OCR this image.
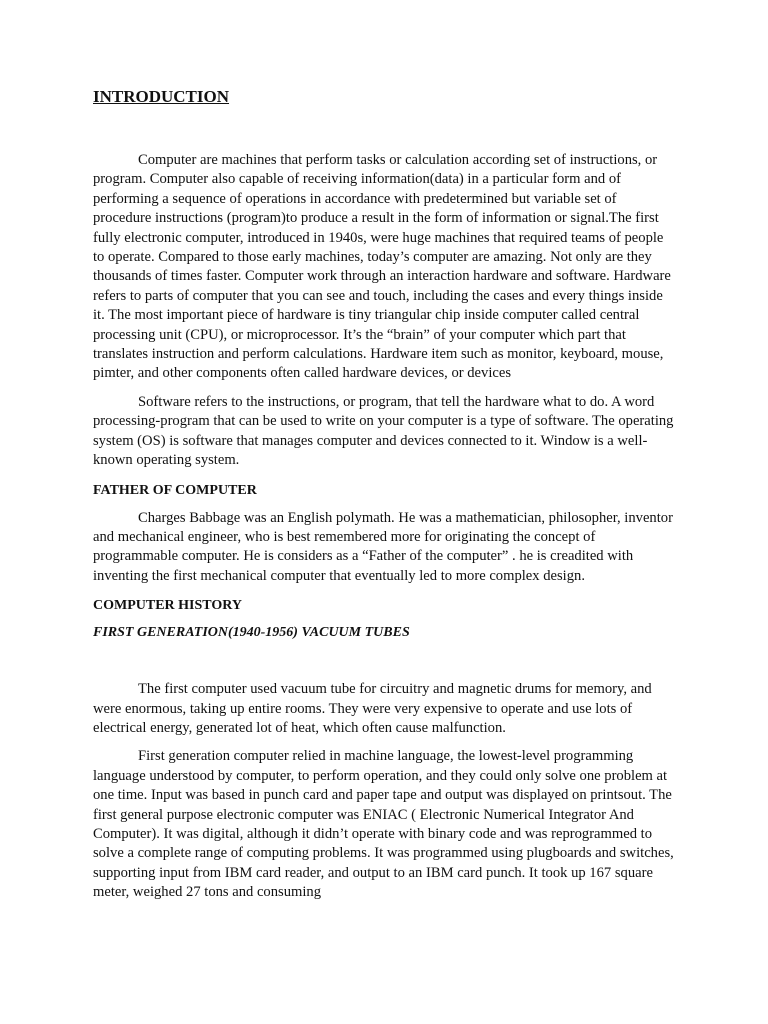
INTRODUCTION

Computer are machines that perform tasks or calculation according set of instructions, or program. Computer also capable of receiving information(data) in a particular form and of performing a sequence of operations in accordance with predetermined but variable set of procedure instructions (program)to produce a result in the form of information or signal.The first fully electronic computer, introduced in 1940s, were huge machines that required teams of people to operate. Compared to those early machines, today’s computer are amazing. Not only are they thousands of times faster. Computer work through an interaction hardware and software. Hardware refers to parts of computer that you can see and touch, including the cases and every things inside it. The most important piece of hardware is tiny triangular chip inside computer called central processing unit (CPU), or microprocessor. It’s the “brain” of your computer which part that translates instruction and perform calculations. Hardware item such as monitor, keyboard, mouse, pimter, and other components often called hardware devices, or devices

Software refers to the instructions, or program, that tell the hardware what to do. A word processing-program that can be used to write on your computer is a type of software. The operating system (OS) is software that manages computer and devices connected to it. Window is a well-known operating system.

FATHER OF COMPUTER

Charges Babbage was an English polymath. He was a mathematician, philosopher, inventor and mechanical engineer, who is best remembered more for originating the concept of programmable computer. He is considers as a “Father of the computer” . he is creadited with inventing the first mechanical computer that eventually led to more complex design.

COMPUTER HISTORY
FIRST GENERATION(1940-1956) VACUUM TUBES

The first computer used vacuum tube for circuitry and magnetic drums for memory, and were enormous, taking up entire rooms. They were very expensive to operate and use lots of electrical energy, generated lot of heat, which often cause malfunction.

First generation computer relied in machine language, the lowest-level programming language understood by computer, to perform operation, and they could only solve one problem at one time. Input was based in punch card and paper tape and output was displayed on printsout. The first general purpose electronic computer was ENIAC ( Electronic Numerical Integrator And Computer). It was digital, although it didn’t operate with binary code and was reprogrammed to solve a complete range of computing problems. It was programmed using plugboards and switches, supporting input from IBM card reader, and output to an IBM card punch. It took up 167 square meter, weighed 27 tons and consuming
